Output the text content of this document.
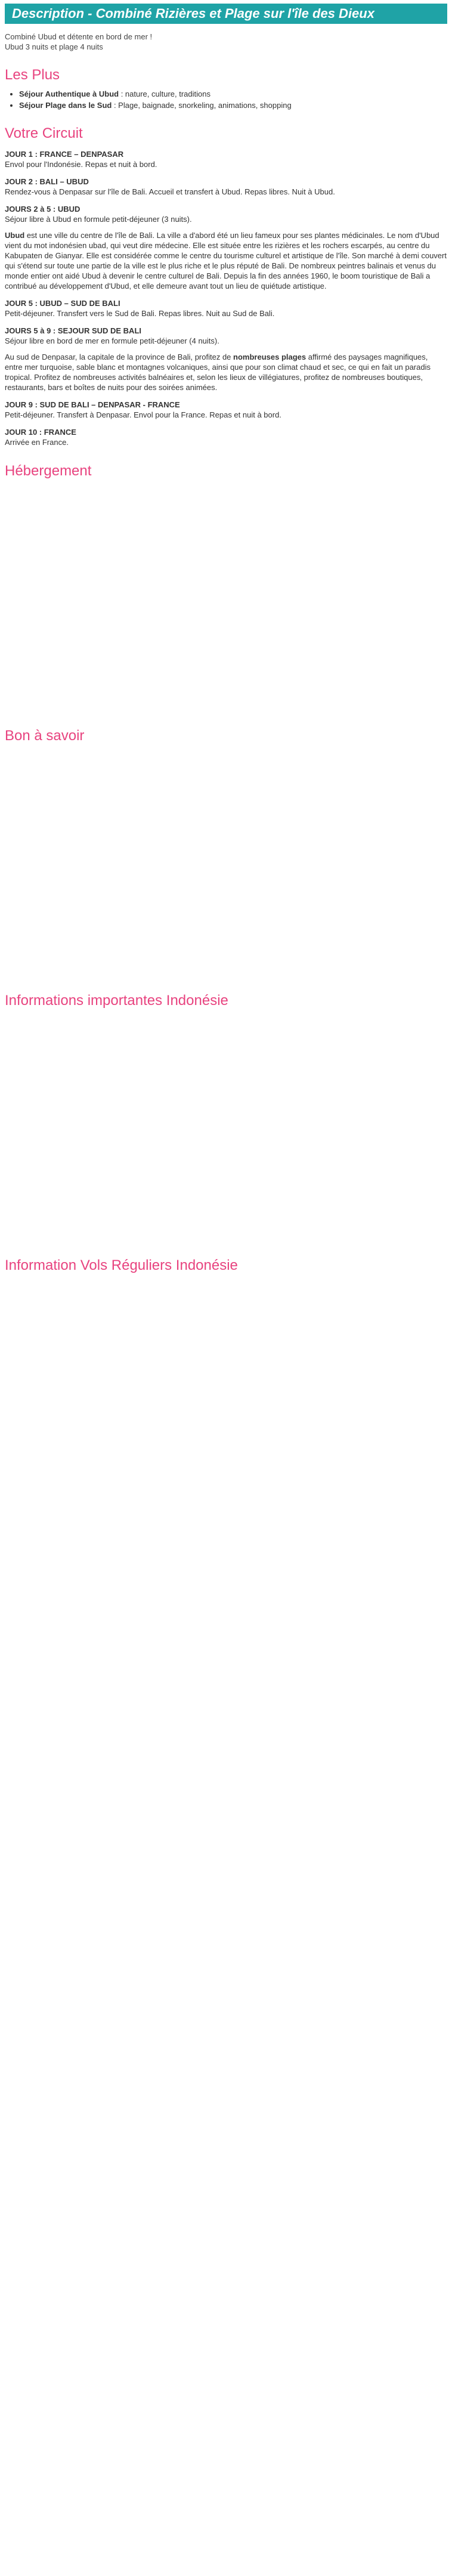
Description - Combiné Rizières et Plage sur l'île des Dieux

Combiné Ubud et détente en bord de mer !

Ubud 3 nuits et plage 4 nuits

Les Plus
• Séjour Authentique à Ubud : nature, culture, traditions
• Séjour Plage dans le Sud : Plage, baignade, snorkeling, animations, shopping
Votre Circuit
JOUR 1 : FRANCE – DENPASAR
Envol pour l'Indonésie. Repas et nuit à bord.
JOUR 2 : BALI – UBUD
Rendez-vous à Denpasar sur l'île de Bali. Accueil et transfert à Ubud. Repas libres. Nuit à Ubud.
JOURS 2 à 5 : UBUD
Séjour libre à Ubud en formule petit-déjeuner (3 nuits).

Ubud est une ville du centre de l'île de Bali. La ville a d'abord été un lieu fameux pour ses plantes médicinales. Le nom d'Ubud vient du mot indonésien ubad, qui veut dire médecine. Elle est située entre les rizières et les rochers escarpés, au centre du Kabupaten de Gianyar. Elle est considérée comme le centre du tourisme culturel et artistique de l'île. Son marché à demi couvert qui s'étend sur toute une partie de la ville est le plus riche et le plus réputé de Bali. De nombreux peintres balinais et venus du monde entier ont aidé Ubud à devenir le centre culturel de Bali. Depuis la fin des années 1960, le boom touristique de Bali a contribué au développement d'Ubud, et elle demeure avant tout un lieu de quiétude artistique.

JOUR 5 : UBUD – SUD DE BALI
Petit-déjeuner. Transfert vers le Sud de Bali. Repas libres. Nuit au Sud de Bali.
JOURS 5 à 9 : SEJOUR SUD DE BALI
Séjour libre en bord de mer en formule petit-déjeuner (4 nuits).

Au sud de Denpasar, la capitale de la province de Bali, profitez de nombreuses plages affirmé des paysages magnifiques, entre mer turquoise, sable blanc et montagnes volcaniques, ainsi que pour son climat chaud et sec, ce qui en fait un paradis tropical. Profitez de nombreuses activités balnéaires et, selon les lieux de villégiatures, profitez de nombreuses boutiques, restaurants, bars et boîtes de nuits pour des soirées animées.

JOUR 9 : SUD DE BALI – DENPASAR - FRANCE
Petit-déjeuner. Transfert à Denpasar. Envol pour la France. Repas et nuit à bord.
JOUR 10 : FRANCE
Arrivée en France.
Hébergement
Bon à savoir
Informations importantes Indonésie
Information Vols Réguliers Indonésie
